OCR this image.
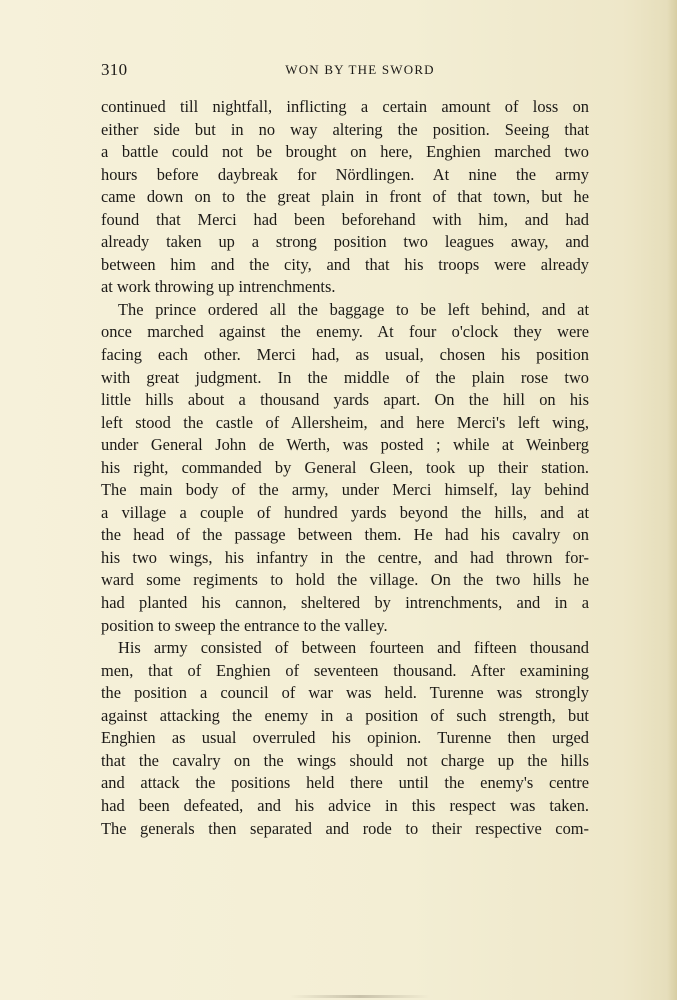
310	WON BY THE SWORD
continued till nightfall, inflicting a certain amount of loss on
either side but in no way altering the position. Seeing that
a battle could not be brought on here, Enghien marched two
hours before daybreak for Nördlingen. At nine the army
came down on to the great plain in front of that town, but he
found that Merci had been beforehand with him, and had
already taken up a strong position two leagues away, and
between him and the city, and that his troops were already
at work throwing up intrenchments.
The prince ordered all the baggage to be left behind, and at
once marched against the enemy. At four o'clock they were
facing each other. Merci had, as usual, chosen his position
with great judgment. In the middle of the plain rose two
little hills about a thousand yards apart. On the hill on his
left stood the castle of Allersheim, and here Merci's left wing,
under General John de Werth, was posted ; while at Weinberg
his right, commanded by General Gleen, took up their station.
The main body of the army, under Merci himself, lay behind
a village a couple of hundred yards beyond the hills, and at
the head of the passage between them. He had his cavalry on
his two wings, his infantry in the centre, and had thrown for-
ward some regiments to hold the village. On the two hills he
had planted his cannon, sheltered by intrenchments, and in a
position to sweep the entrance to the valley.
His army consisted of between fourteen and fifteen thousand
men, that of Enghien of seventeen thousand. After examining
the position a council of war was held. Turenne was strongly
against attacking the enemy in a position of such strength, but
Enghien as usual overruled his opinion. Turenne then urged
that the cavalry on the wings should not charge up the hills
and attack the positions held there until the enemy's centre
had been defeated, and his advice in this respect was taken.
The generals then separated and rode to their respective com-
